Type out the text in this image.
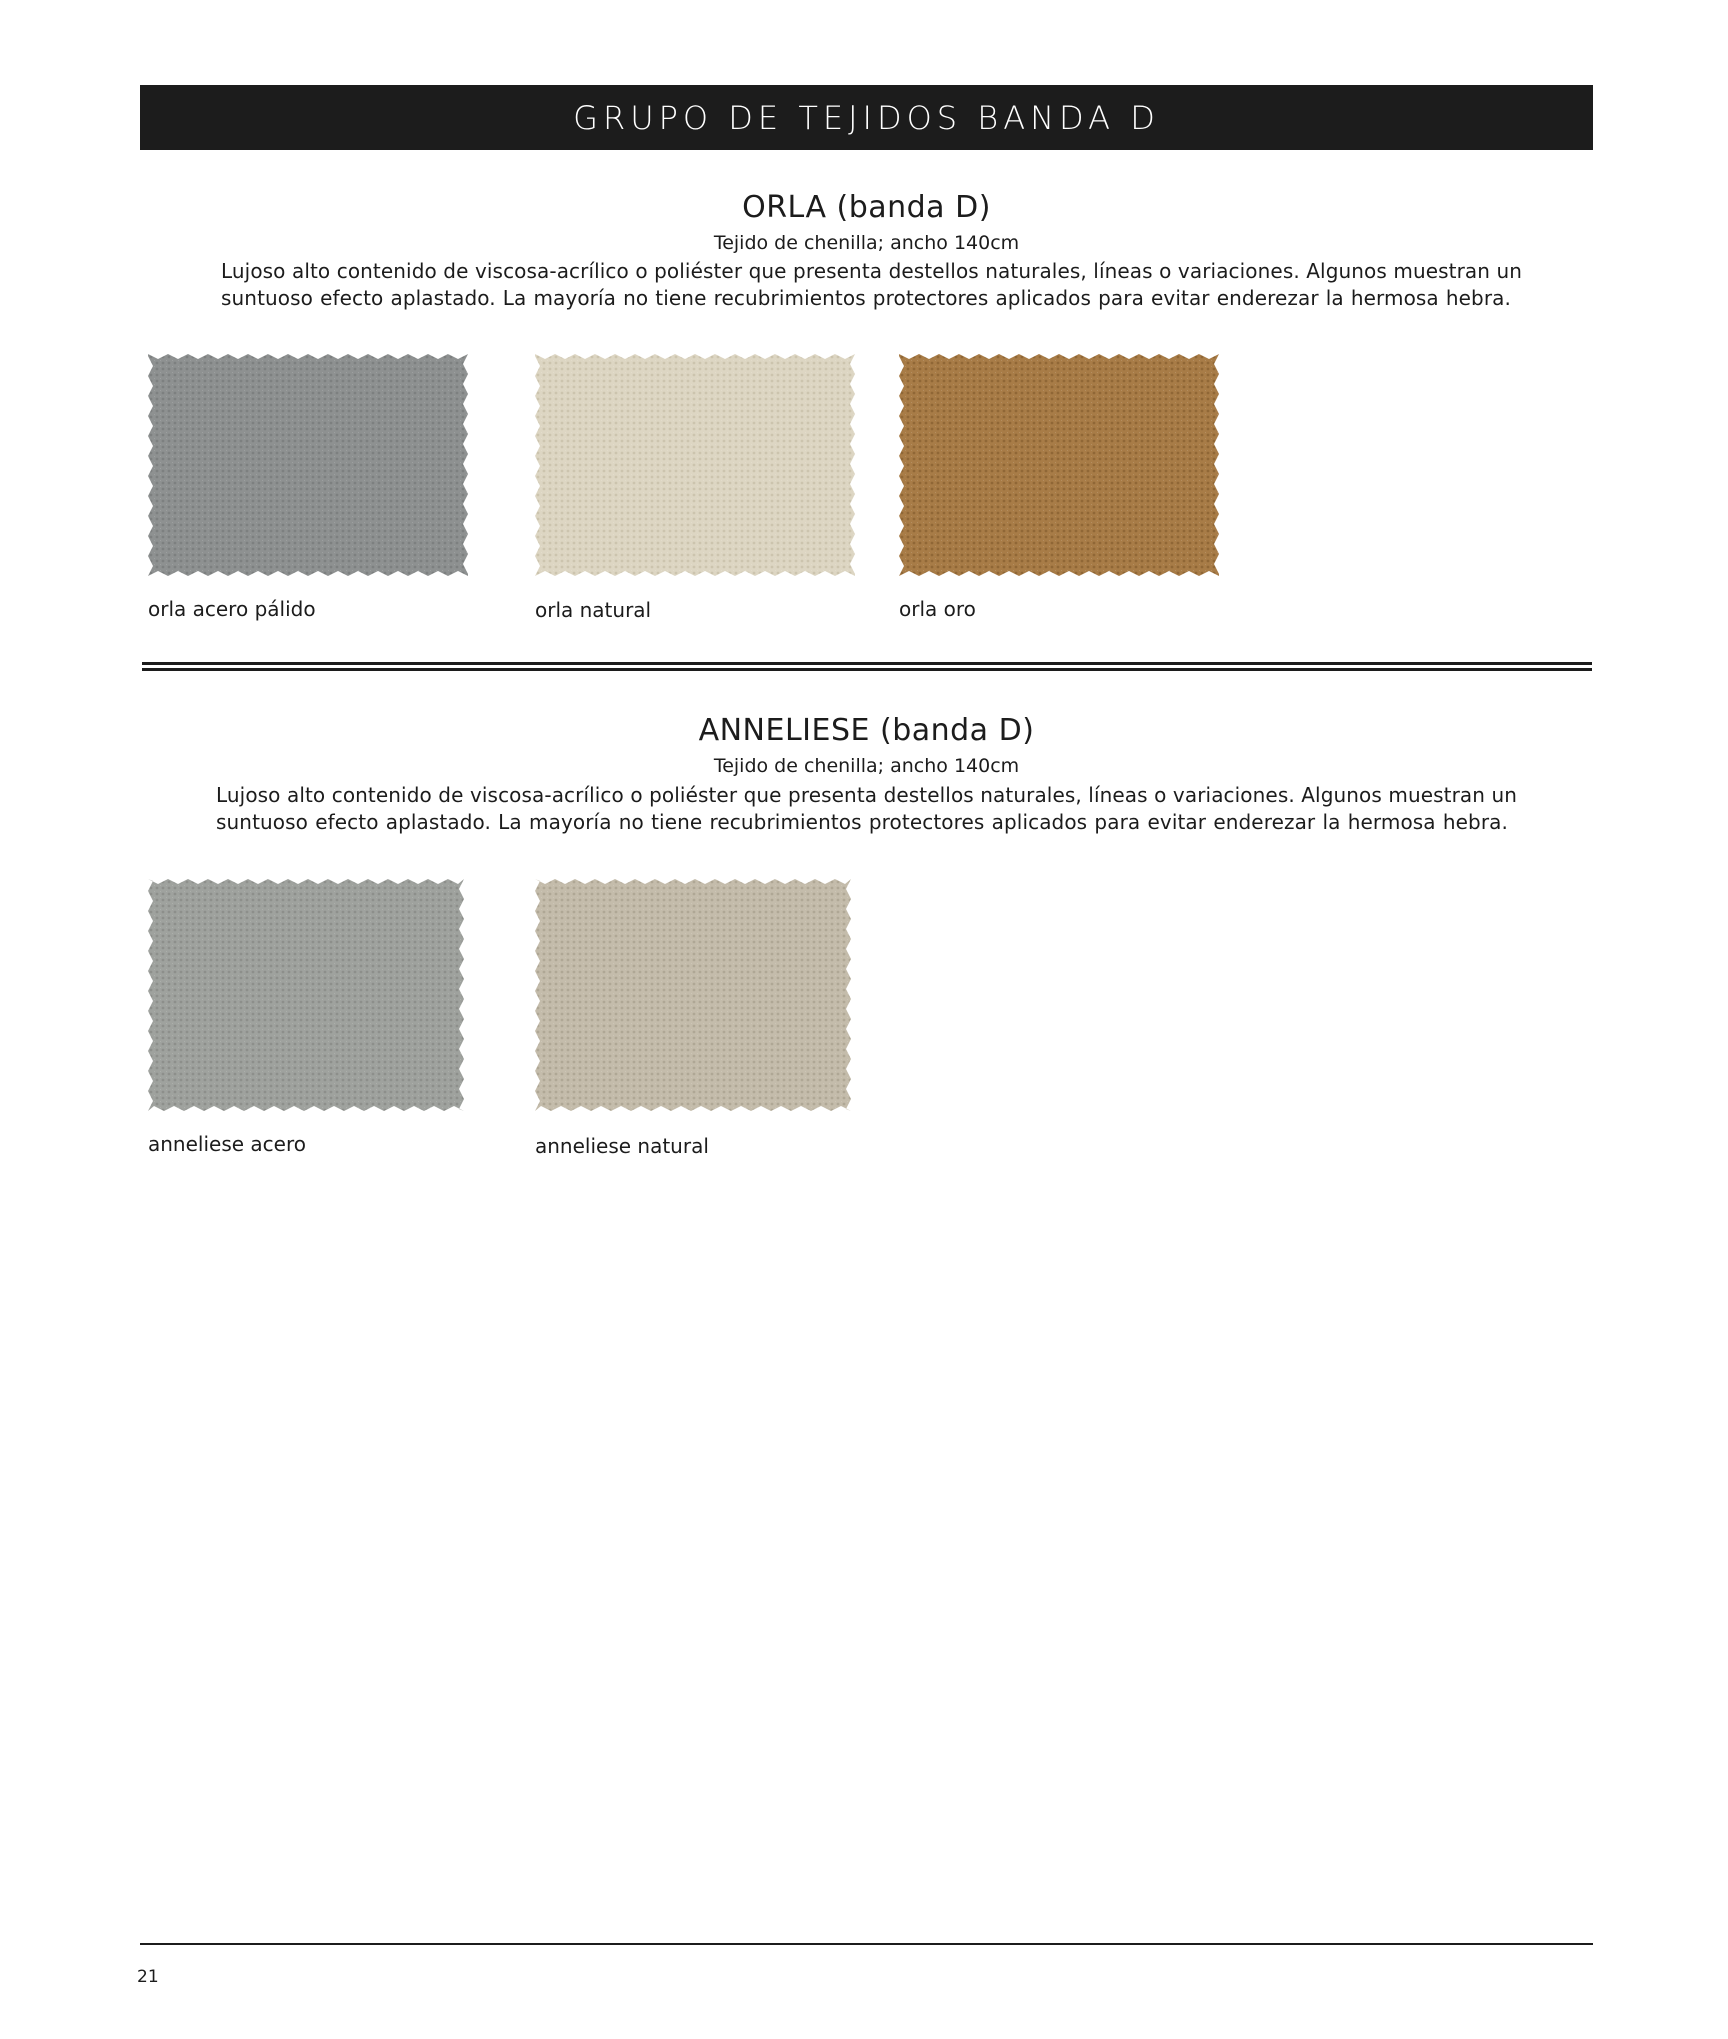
GRUPO DE TEJIDOS BANDA D
ORLA (banda D)
Tejido de chenilla; ancho 140cm
Lujoso alto contenido de viscosa-acrílico o poliéster que presenta destellos naturales, líneas o variaciones. Algunos muestran un
suntuoso efecto aplastado. La mayoría no tiene recubrimientos protectores aplicados para evitar enderezar la hermosa hebra.
orla acero pálido	orla natural	orla oro
ANNELIESE (banda D)
Tejido de chenilla; ancho 140cm
Lujoso alto contenido de viscosa-acrílico o poliéster que presenta destellos naturales, líneas o variaciones. Algunos muestran un
suntuoso efecto aplastado. La mayoría no tiene recubrimientos protectores aplicados para evitar enderezar la hermosa hebra.
anneliese acero	anneliese natural
21
